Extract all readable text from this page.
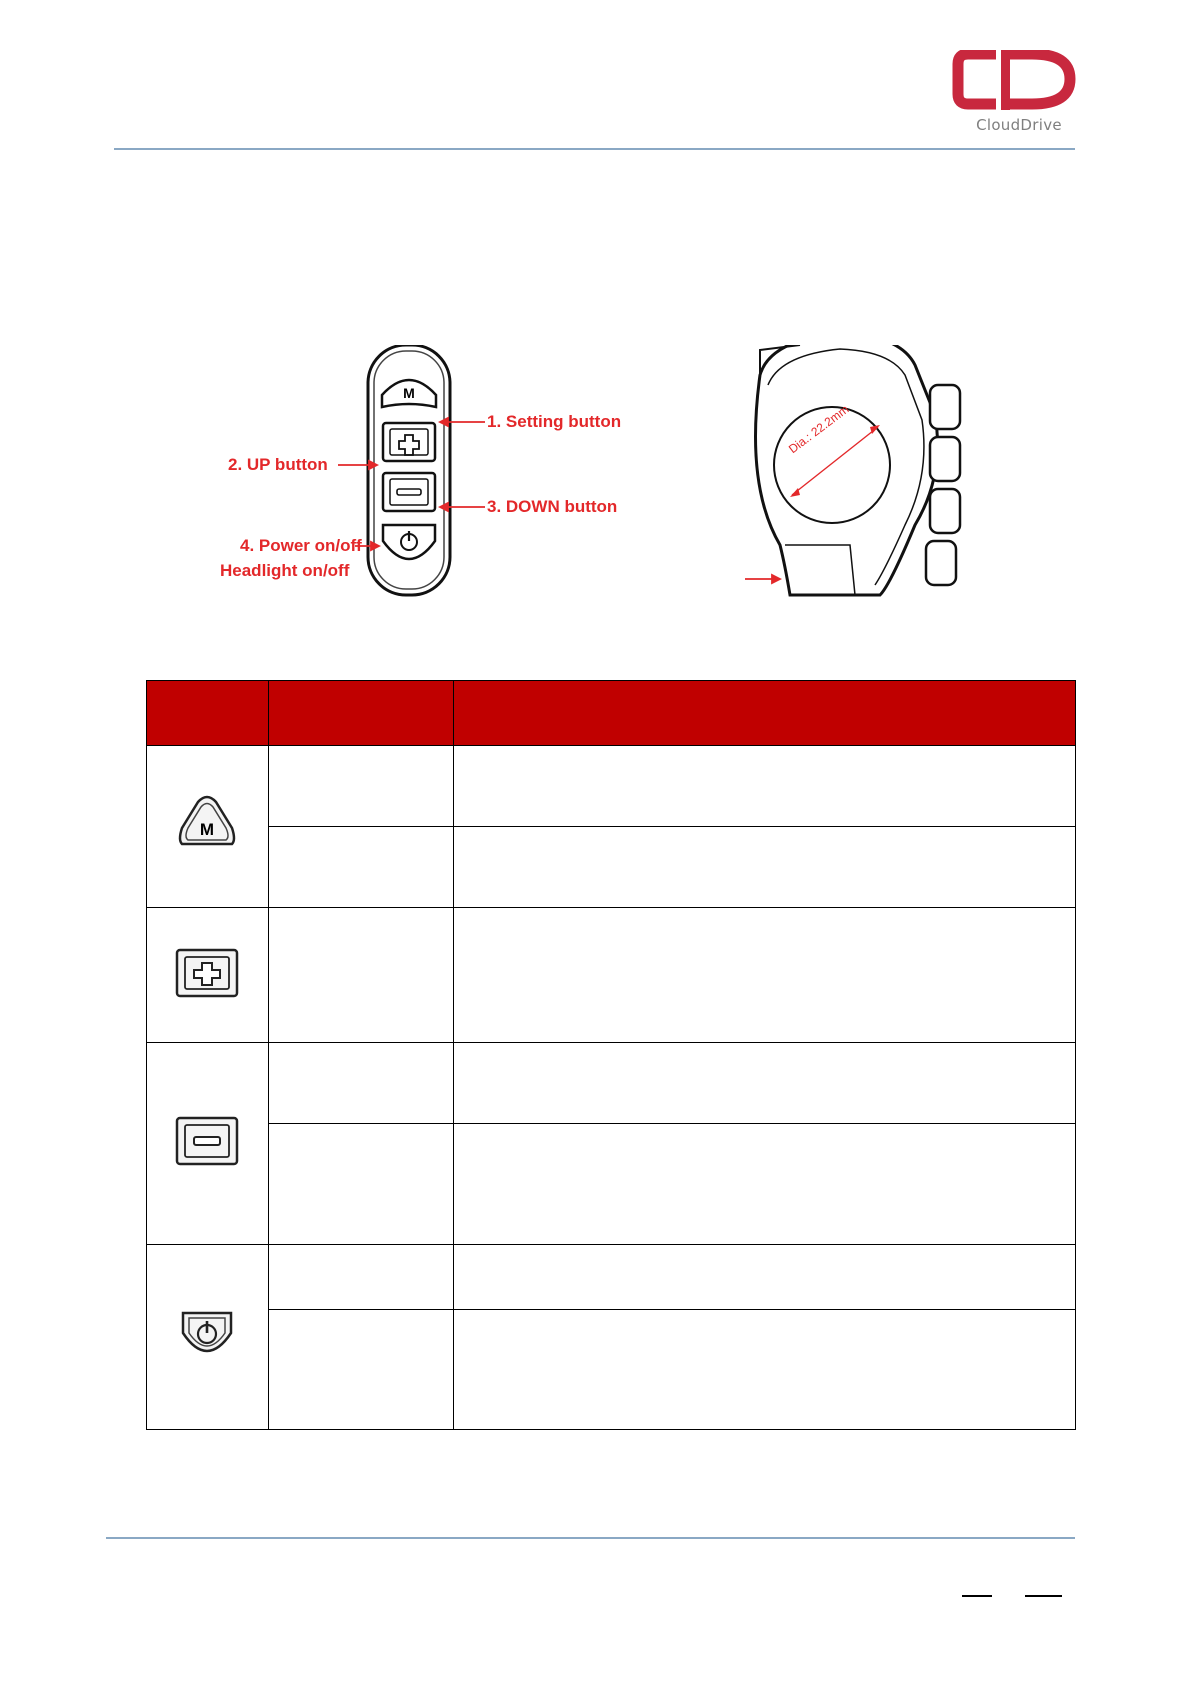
CloudDrive
M
1. Setting button
2. UP button
3. DOWN button
4. Power on/off
Headlight on/off
Dia.: 22.2mm

M		
